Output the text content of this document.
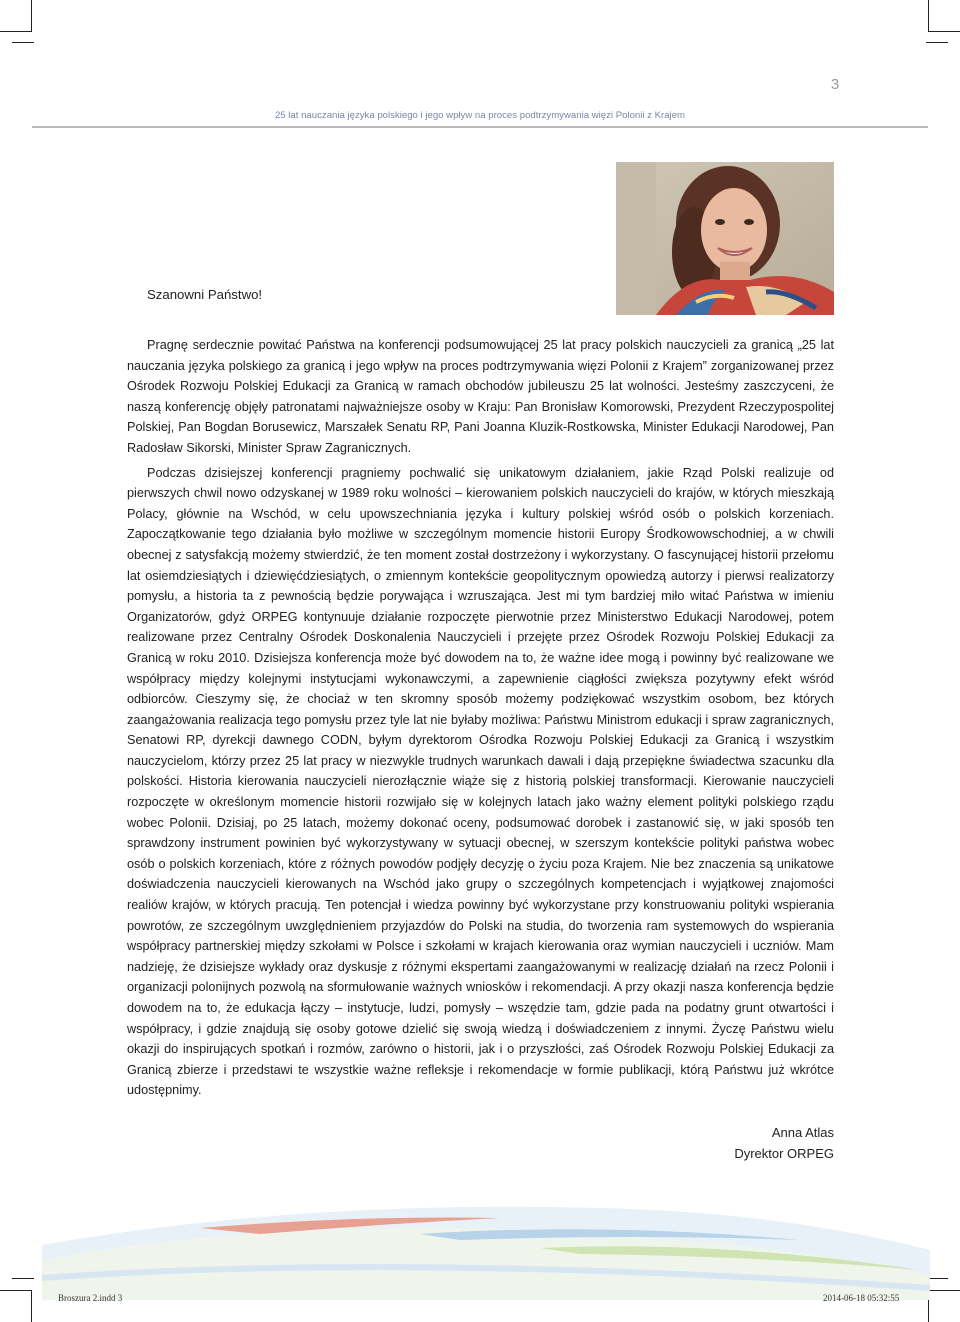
3
25 lat nauczania języka polskiego i jego wpływ na proces podtrzymywania więzi Polonii z Krajem
Szanowni Państwo!

Pragnę serdecznie powitać Państwa na konferencji podsumowującej 25 lat pracy polskich nauczycieli za granicą „25 lat nauczania języka polskiego za granicą i jego wpływ na proces podtrzymywania więzi Polonii z Krajem” zorganizowanej przez Ośrodek Rozwoju Polskiej Edukacji za Granicą w ramach obchodów jubileuszu 25 lat wolności. Jesteśmy zaszczyceni, że naszą konferencję objęły patronatami najważniejsze osoby w Kraju: Pan Bronisław Komorowski, Prezydent Rzeczypospolitej Polskiej, Pan Bogdan Borusewicz, Marszałek Senatu RP, Pani Joanna Kluzik-Rostkowska, Minister Edukacji Narodowej, Pan Radosław Sikorski, Minister Spraw Zagranicznych.

Podczas dzisiejszej konferencji pragniemy pochwalić się unikatowym działaniem, jakie Rząd Polski realizuje od pierwszych chwil nowo odzyskanej w 1989 roku wolności – kierowaniem polskich nauczycieli do krajów, w których mieszkają Polacy, głównie na Wschód, w celu upowszechniania języka i kultury polskiej wśród osób o polskich korzeniach. Zapoczątkowanie tego działania było możliwe w szczególnym momencie historii Europy Środkowowschodniej, a w chwili obecnej z satysfakcją możemy stwierdzić, że ten moment został dostrzeżony i wykorzystany. O fascynującej historii przełomu lat osiemdziesiątych i dziewięćdziesiątych, o zmiennym kontekście geopolitycznym opowiedzą autorzy i pierwsi realizatorzy pomysłu, a historia ta z pewnością będzie porywająca i wzruszająca. Jest mi tym bardziej miło witać Państwa w imieniu Organizatorów, gdyż ORPEG kontynuuje działanie rozpoczęte pierwotnie przez Ministerstwo Edukacji Narodowej, potem realizowane przez Centralny Ośrodek Doskonalenia Nauczycieli i przejęte przez Ośrodek Rozwoju Polskiej Edukacji za Granicą w roku 2010. Dzisiejsza konferencja może być dowodem na to, że ważne idee mogą i powinny być realizowane we współpracy między kolejnymi instytucjami wykonawczymi, a zapewnienie ciągłości zwiększa pozytywny efekt wśród odbiorców. Cieszymy się, że chociaż w ten skromny sposób możemy podziękować wszystkim osobom, bez których zaangażowania realizacja tego pomysłu przez tyle lat nie byłaby możliwa: Państwu Ministrom edukacji i spraw zagranicznych, Senatowi RP, dyrekcji dawnego CODN, byłym dyrektorom Ośrodka Rozwoju Polskiej Edukacji za Granicą i wszystkim nauczycielom, którzy przez 25 lat pracy w niezwykle trudnych warunkach dawali i dają przepiękne świadectwa szacunku dla polskości. Historia kierowania nauczycieli nierozłącznie wiąże się z historią polskiej transformacji. Kierowanie nauczycieli rozpoczęte w określonym momencie historii rozwijało się w kolejnych latach jako ważny element polityki polskiego rządu wobec Polonii. Dzisiaj, po 25 latach, możemy dokonać oceny, podsumować dorobek i zastanowić się, w jaki sposób ten sprawdzony instrument powinien być wykorzystywany w sytuacji obecnej, w szerszym kontekście polityki państwa wobec osób o polskich korzeniach, które z różnych powodów podjęły decyzję o życiu poza Krajem. Nie bez znaczenia są unikatowe doświadczenia nauczycieli kierowanych na Wschód jako grupy o szczególnych kompetencjach i wyjątkowej znajomości realiów krajów, w których pracują. Ten potencjał i wiedza powinny być wykorzystane przy konstruowaniu polityki wspierania powrotów, ze szczególnym uwzględnieniem przyjazdów do Polski na studia, do tworzenia ram systemowych do wspierania współpracy partnerskiej między szkołami w Polsce i szkołami w krajach kierowania oraz wymian nauczycieli i uczniów. Mam nadzieję, że dzisiejsze wykłady oraz dyskusje z różnymi ekspertami zaangażowanymi w realizację działań na rzecz Polonii i organizacji polonijnych pozwolą na sformułowanie ważnych wniosków i rekomendacji. A przy okazji nasza konferencja będzie dowodem na to, że edukacja łączy – instytucje, ludzi, pomysły – wszędzie tam, gdzie pada na podatny grunt otwartości i współpracy, i gdzie znajdują się osoby gotowe dzielić się swoją wiedzą i doświadczeniem z innymi. Życzę Państwu wielu okazji do inspirujących spotkań i rozmów, zarówno o historii, jak i o przyszłości, zaś Ośrodek Rozwoju Polskiej Edukacji za Granicą zbierze i przedstawi te wszystkie ważne refleksje i rekomendacje w formie publikacji, którą Państwu już wkrótce udostępnimy.

Anna Atlas
Dyrektor ORPEG
Broszura 2.indd 3	2014-06-18 05:32:55
